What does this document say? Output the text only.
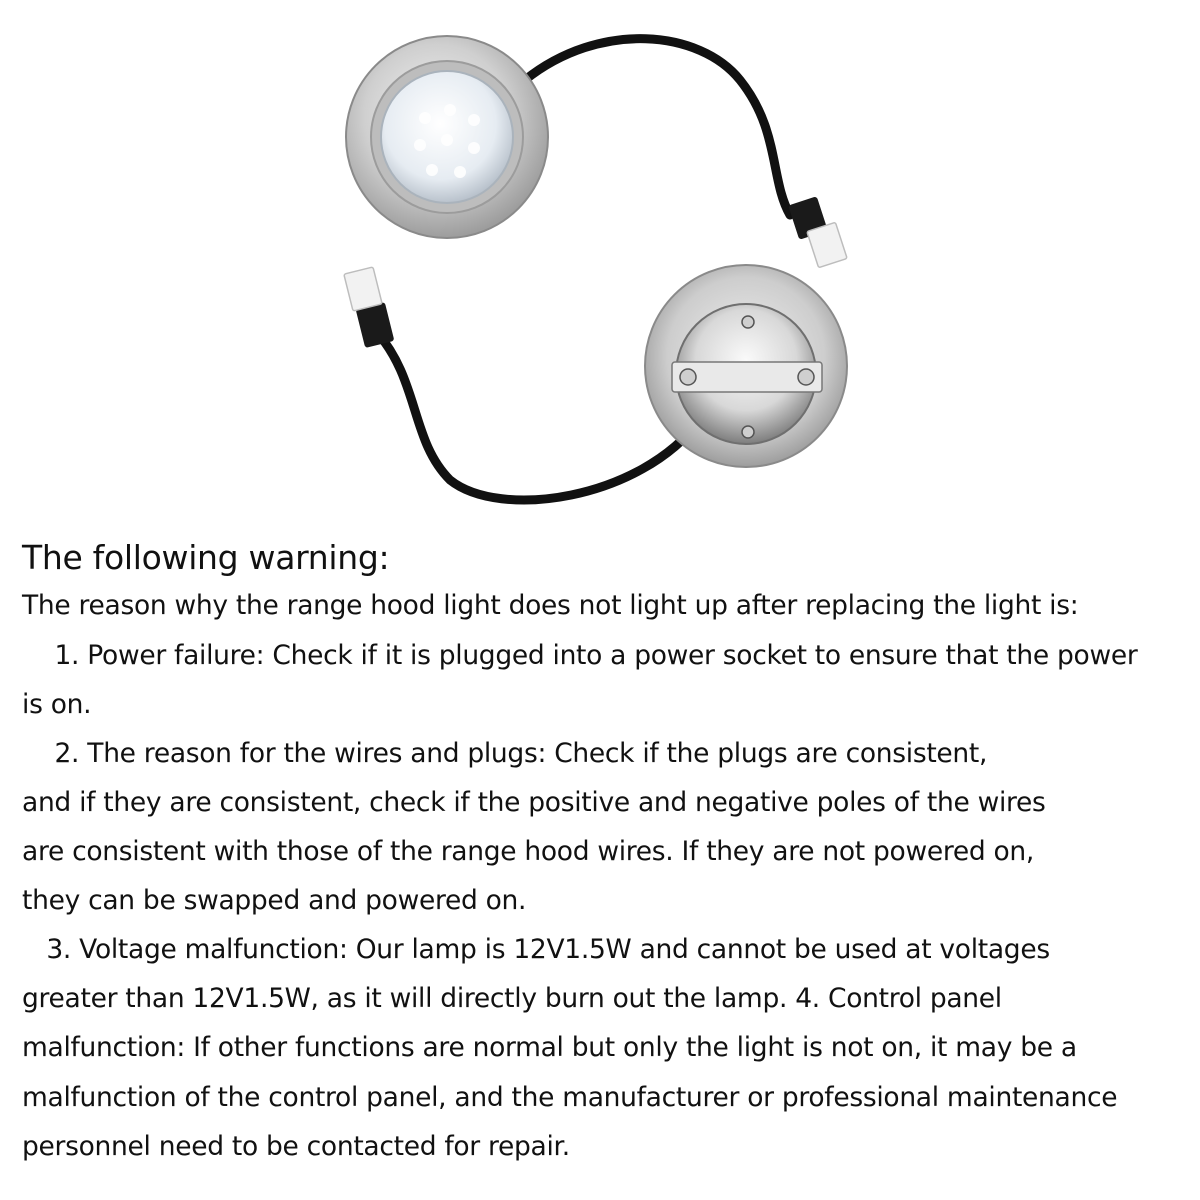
The following warning:
The reason why the range hood light does not light up after replacing the light is:
1. Power failure: Check if it is plugged into a power socket to ensure that the power
is on.
2. The reason for the wires and plugs: Check if the plugs are consistent,
and if they are consistent, check if the positive and negative poles of the wires
are consistent with those of the range hood wires. If they are not powered on,
they can be swapped and powered on.
3. Voltage malfunction: Our lamp is 12V1.5W and cannot be used at voltages
greater than 12V1.5W, as it will directly burn out the lamp. 4. Control panel
malfunction: If other functions are normal but only the light is not on, it may be a
malfunction of the control panel, and the manufacturer or professional maintenance
personnel need to be contacted for repair.
